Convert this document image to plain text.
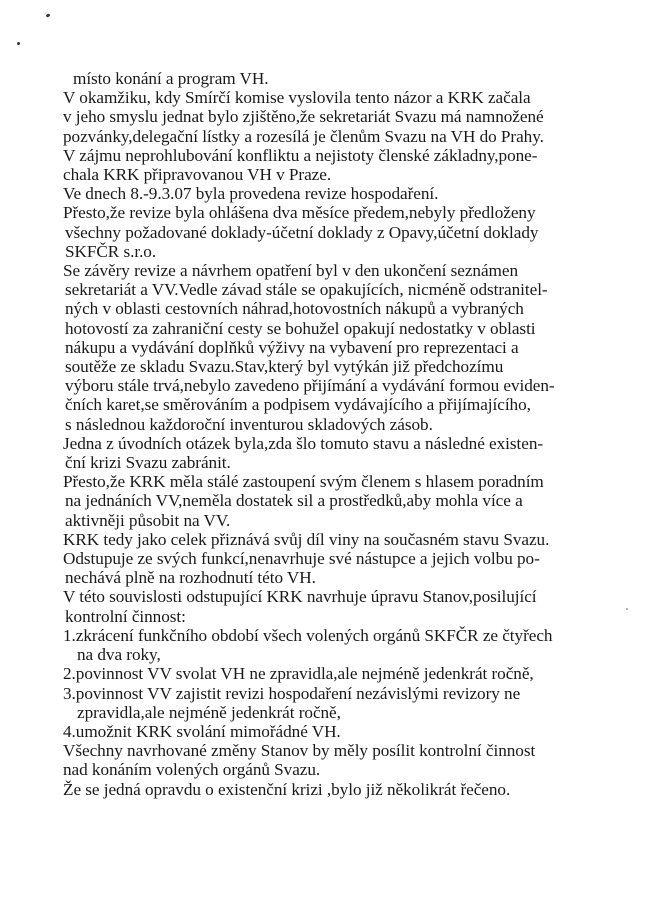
místo konání a program VH.
V okamžiku, kdy Smírčí komise vyslovila tento názor a KRK začala
v jeho smyslu jednat bylo zjištěno,že sekretariát Svazu má namnožené
pozvánky,delegační lístky a rozesílá je členům Svazu na VH do Prahy.
V zájmu neprohlubování konfliktu a nejistoty členské základny,pone-
chala KRK připravovanou VH v Praze.
Ve dnech 8.-9.3.07 byla provedena revize hospodaření.
Přesto,že revize byla ohlášena dva měsíce předem,nebyly předloženy
všechny požadované doklady-účetní doklady z Opavy,účetní doklady
SKFČR s.r.o.
Se závěry revize a návrhem opatření byl v den ukončení seznámen
sekretariát a VV.Vedle závad stále se opakujících, nicméně odstranitel-
ných v oblasti cestovních náhrad,hotovostních nákupů a vybraných
hotovostí za zahraniční cesty se bohužel opakují nedostatky v oblasti
nákupu a vydávání doplňků výživy na vybavení pro reprezentaci a
soutěže ze skladu Svazu.Stav,který byl vytýkán již předchozímu
výboru stále trvá,nebylo zavedeno přijímání a vydávání formou eviden-
čních karet,se směrováním a podpisem vydávajícího a přijímajícího,
s následnou každoroční inventurou skladových zásob.
Jedna z úvodních otázek byla,zda šlo tomuto stavu a následné existen-
ční krizi Svazu zabránit.
Přesto,že KRK měla stálé zastoupení svým členem s hlasem poradním
na jednáních VV,neměla dostatek sil a prostředků,aby mohla více a
aktivněji působit na VV.
KRK tedy jako celek přiznává svůj díl viny na současném stavu Svazu.
Odstupuje ze svých funkcí,nenavrhuje své nástupce a jejich volbu po-
nechává plně na rozhodnutí této VH.
V této souvislosti odstupující KRK navrhuje úpravu Stanov,posilující
kontrolní činnost:
1.zkrácení funkčního období všech volených orgánů SKFČR ze čtyřech
na dva roky,
2.povinnost VV svolat VH ne zpravidla,ale nejméně jedenkrát ročně,
3.povinnost VV zajistit revizi hospodaření nezávislými revizory ne
zpravidla,ale nejméně jedenkrát ročně,
4.umožnit KRK svolání mimořádné VH.
Všechny navrhované změny Stanov by měly posílit kontrolní činnost
nad konáním volených orgánů Svazu.
Že se jedná opravdu o existenční krizi ,bylo již několikrát řečeno.
